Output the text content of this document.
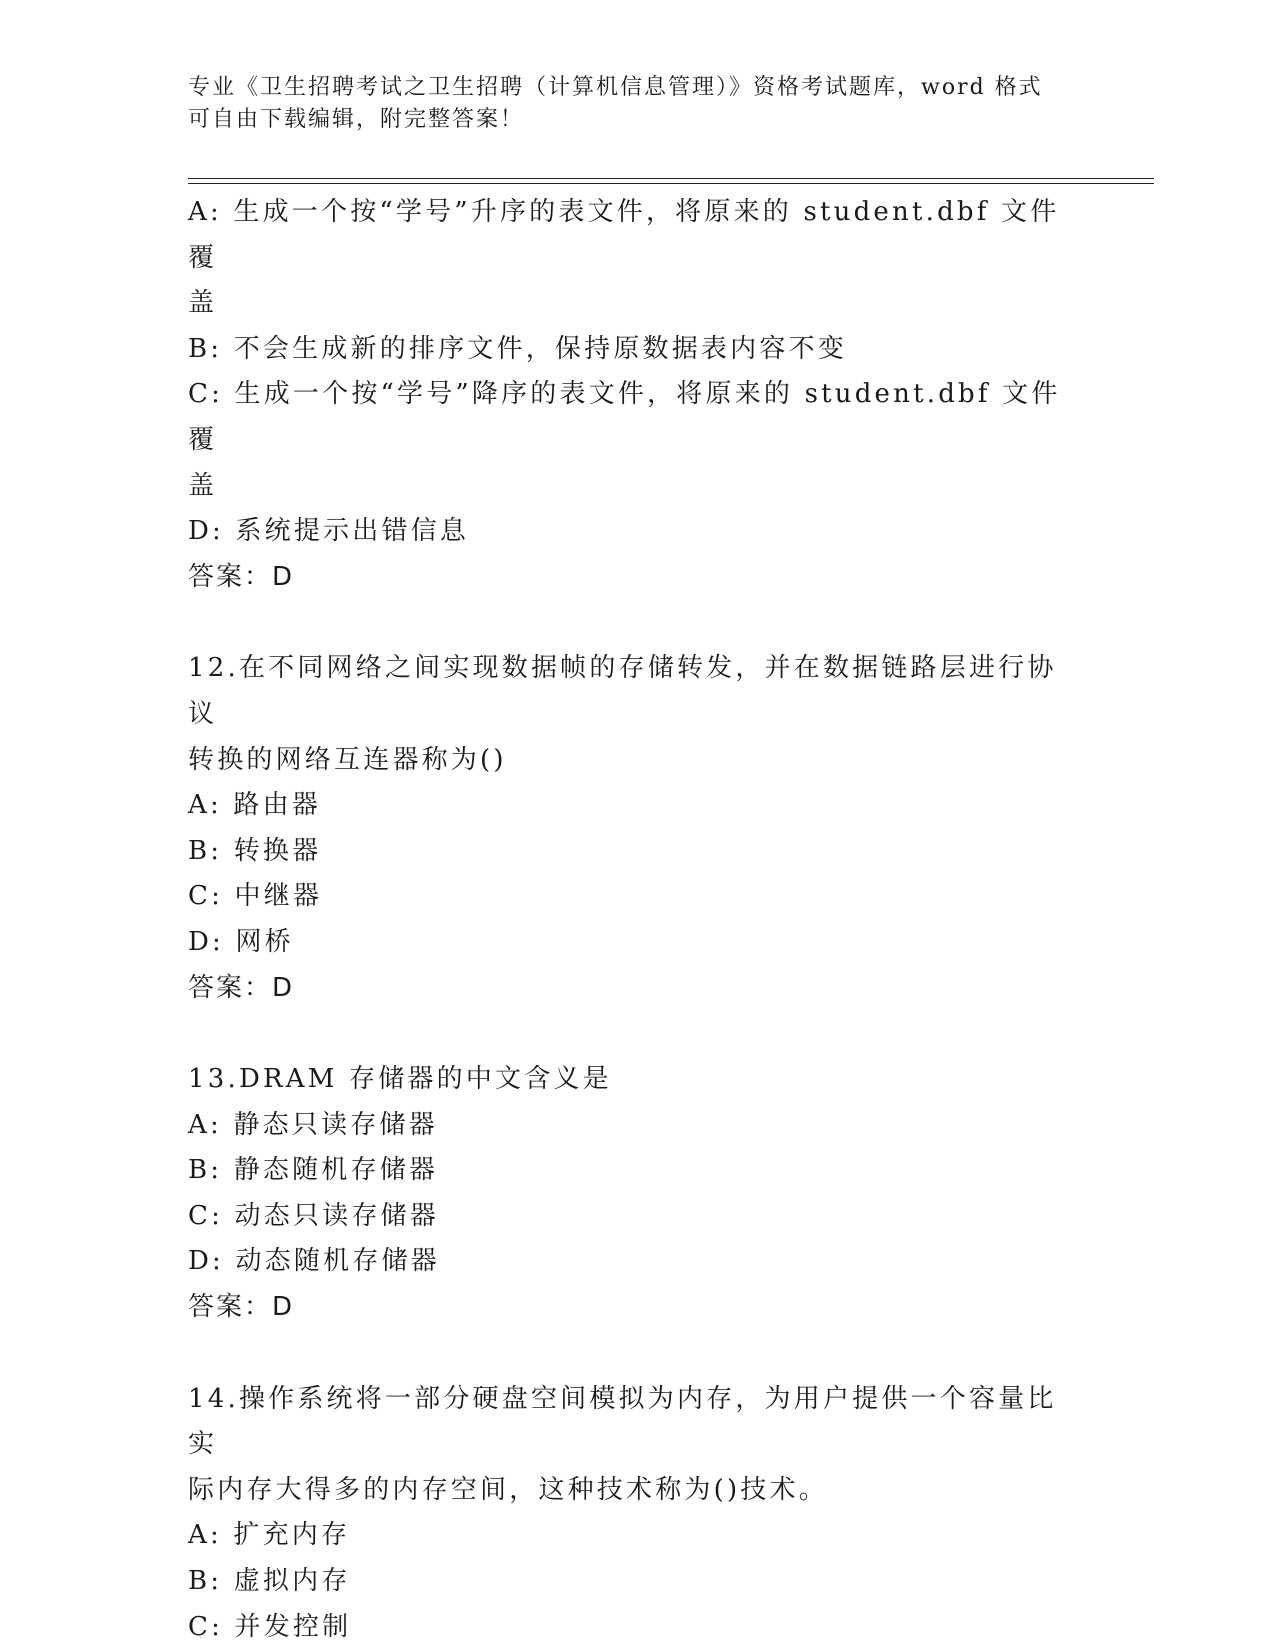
专业《卫生招聘考试之卫生招聘（计算机信息管理）》资格考试题库，word 格式
可自由下载编辑，附完整答案！
A: 生成一个按“学号”升序的表文件，将原来的 student.dbf 文件覆
盖
B: 不会生成新的排序文件，保持原数据表内容不变
C: 生成一个按“学号”降序的表文件，将原来的 student.dbf 文件覆
盖
D: 系统提示出错信息
答案：D
12.在不同网络之间实现数据帧的存储转发，并在数据链路层进行协议
转换的网络互连器称为()
A: 路由器
B: 转换器
C: 中继器
D: 网桥
答案：D
13.DRAM 存储器的中文含义是
A: 静态只读存储器
B: 静态随机存储器
C: 动态只读存储器
D: 动态随机存储器
答案：D
14.操作系统将一部分硬盘空间模拟为内存，为用户提供一个容量比实
际内存大得多的内存空间，这种技术称为()技术。
A: 扩充内存
B: 虚拟内存
C: 并发控制
